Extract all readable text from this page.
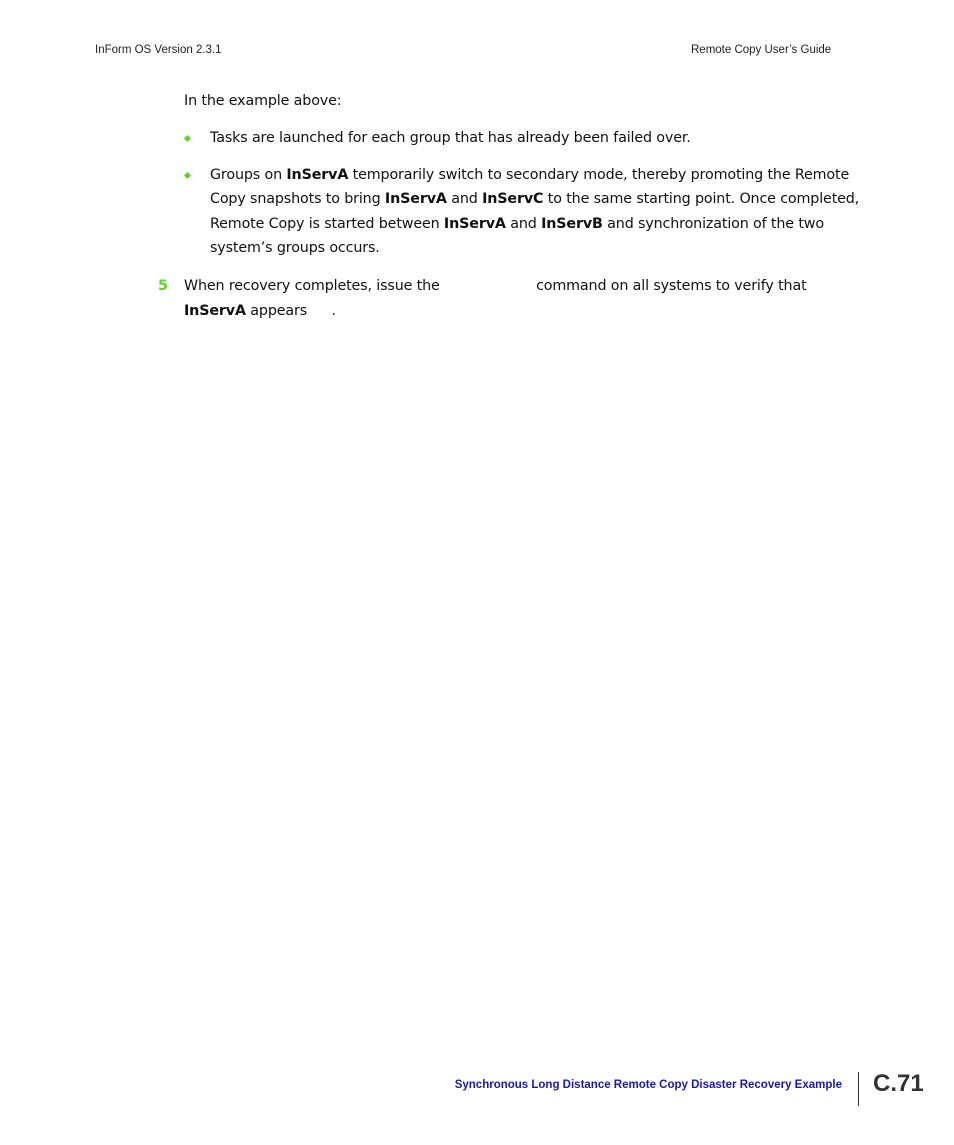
InForm OS Version 2.3.1	Remote Copy User’s Guide
In the example above:
Tasks are launched for each group that has already been failed over.
Groups on InServA temporarily switch to secondary mode, thereby promoting the Remote Copy snapshots to bring InServA and InServC to the same starting point. Once completed, Remote Copy is started between InServA and InServB and synchronization of the two system’s groups occurs.
5 When recovery completes, issue the	command on all systems to verify that
InServA appears .
Synchronous Long Distance Remote Copy Disaster Recovery Example C.71
